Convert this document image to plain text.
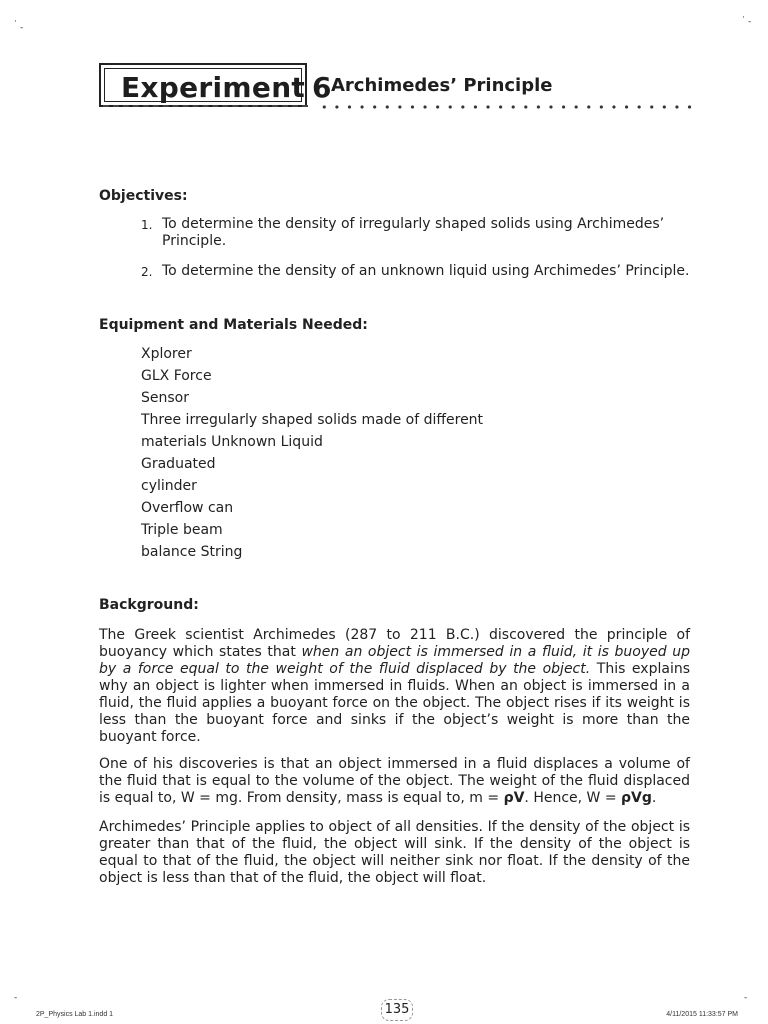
·
-
· -
-	-
Experiment 6 Archimedes’ Principle
Objectives:
1. To determine the density of irregularly shaped solids using Archimedes’ Principle.
2. To determine the density of an unknown liquid using Archimedes’ Principle.
Equipment and Materials Needed:
Xplorer
GLX Force
Sensor
Three irregularly shaped solids made of different
materials Unknown Liquid
Graduated
cylinder
Overflow can
Triple beam
balance String
Background:

The Greek scientist Archimedes (287 to 211 B.C.) discovered the principle of buoyancy which states that when an object is immersed in a fluid, it is buoyed up by a force equal to the weight of the fluid displaced by the object. This explains why an object is lighter when immersed in fluids. When an object is immersed in a fluid, the fluid applies a buoyant force on the object. The object rises if its weight is less than the buoyant force and sinks if the object’s weight is more than the buoyant force.

One of his discoveries is that an object immersed in a fluid displaces a volume of the fluid that is equal to the volume of the object. The weight of the fluid displaced is equal to, W = mg. From density, mass is equal to, m = ρV. Hence, W = ρVg.

Archimedes’ Principle applies to object of all densities. If the density of the object is greater than that of the fluid, the object will sink. If the density of the object is equal to that of the fluid, the object will neither sink nor float. If the density of the object is less than that of the fluid, the object will float.

2P_Physics Lab 1.indd 1	135	4/11/2015 11:33:57 PM
